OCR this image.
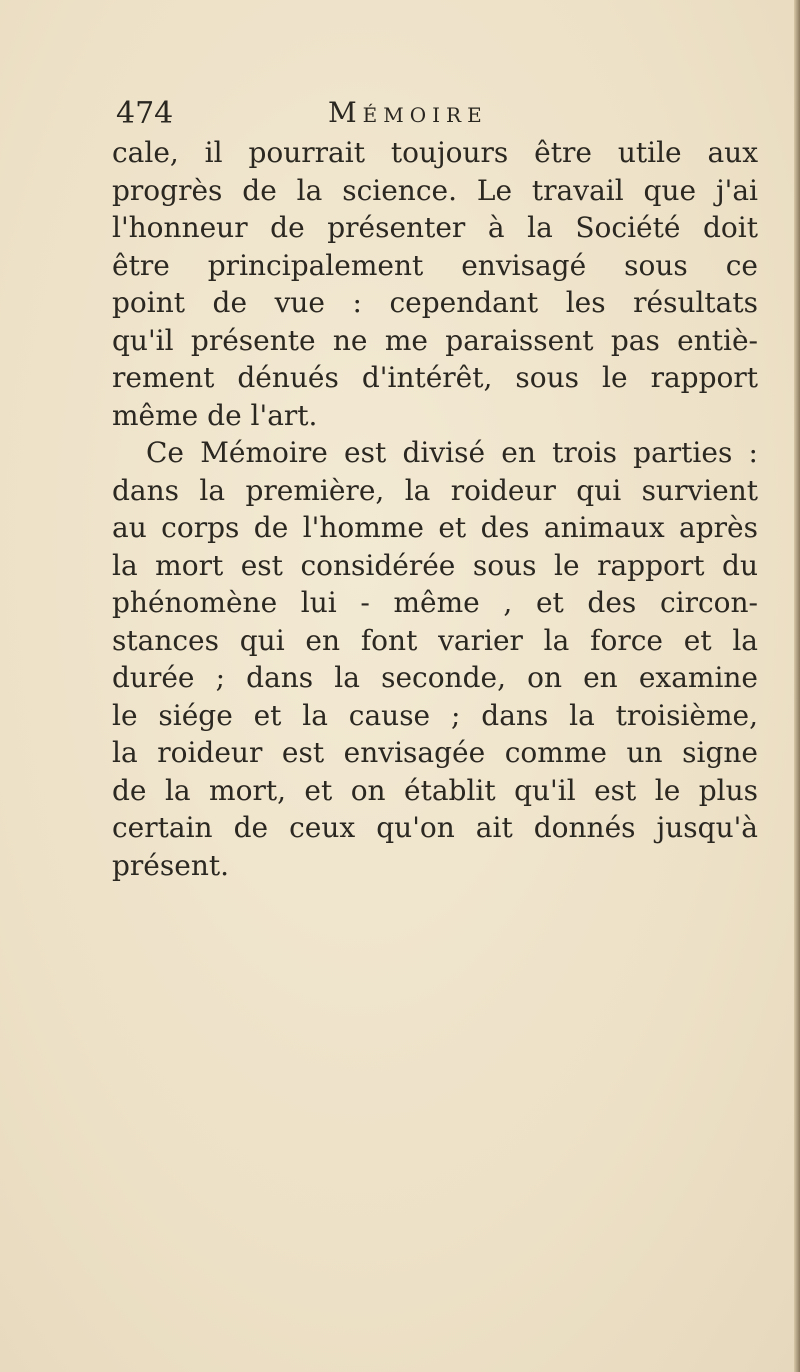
474	Mémoire
cale, il pourrait toujours être utile aux
progrès de la science. Le travail que j'ai
l'honneur de présenter à la Société doit
être principalement envisagé sous ce
point de vue : cependant les résultats
qu'il présente ne me paraissent pas entiè-
rement dénués d'intérêt, sous le rapport
même de l'art.
Ce Mémoire est divisé en trois parties :
dans la première, la roideur qui survient
au corps de l'homme et des animaux après
la mort est considérée sous le rapport du
phénomène lui - même , et des circon-
stances qui en font varier la force et la
durée ; dans la seconde, on en examine
le siége et la cause ; dans la troisième,
la roideur est envisagée comme un signe
de la mort, et on établit qu'il est le plus
certain de ceux qu'on ait donnés jusqu'à
présent.
